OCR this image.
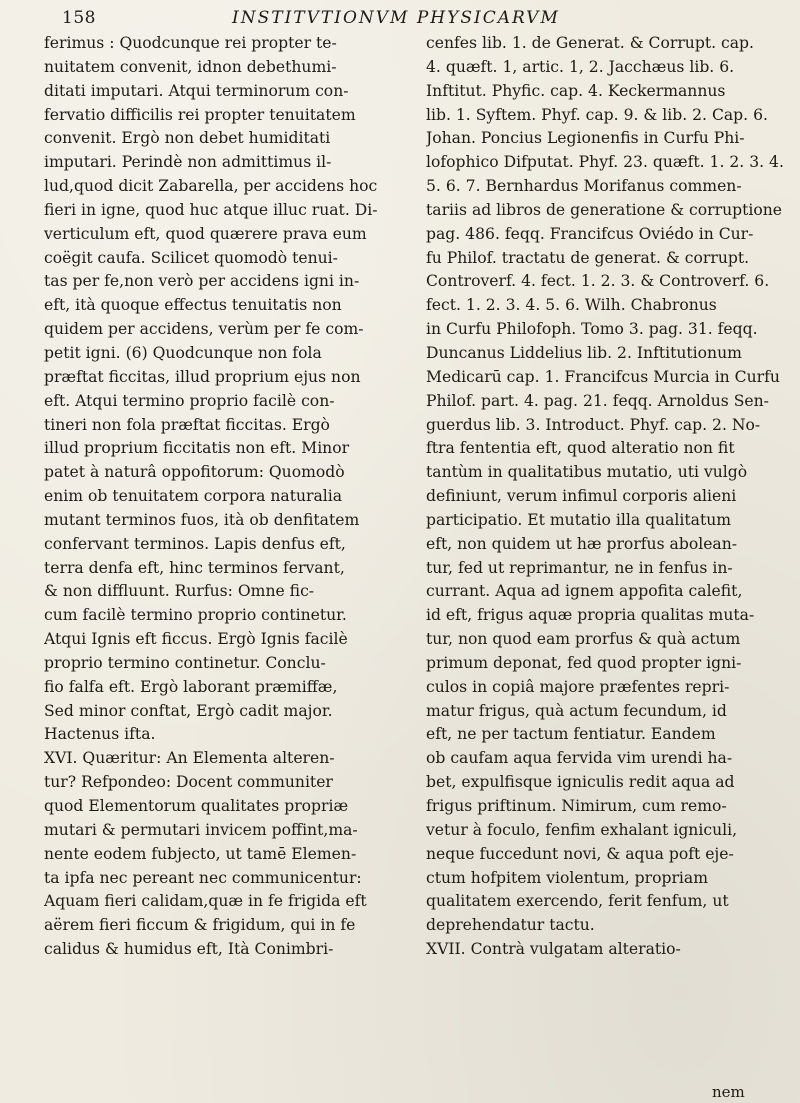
158	INSTITVTIONVM PHYSICARVM
ferimus : Quodcunque rei propter te-
nuitatem convenit, idnon debethumi-
ditati imputari. Atqui terminorum con-
fervatio difficilis rei propter tenuitatem
convenit. Ergò non debet humiditati
imputari. Perindè non admittimus il-
lud,quod dicit Zabarella, per accidens hoc
fieri in igne, quod huc atque illuc ruat. Di-
verticulum eft, quod quærere prava eum
coëgit caufa. Scilicet quomodò tenui-
tas per fe,non verò per accidens igni in-
eft, ità quoque effectus tenuitatis non
quidem per accidens, verùm per fe com-
petit igni. (6) Quodcunque non fola
præftat ficcitas, illud proprium ejus non
eft. Atqui termino proprio facilè con-
tineri non fola præftat ficcitas. Ergò
illud proprium ficcitatis non eft. Minor
patet à naturâ oppofitorum: Quomodò
enim ob tenuitatem corpora naturalia
mutant terminos fuos, ità ob denfitatem
confervant terminos. Lapis denfus eft,
terra denfa eft, hinc terminos fervant,
& non diffluunt. Rurfus: Omne fic-
cum facilè termino proprio continetur.
Atqui Ignis eft ficcus. Ergò Ignis facilè
proprio termino continetur. Conclu-
fio falfa eft. Ergò laborant præmiffæ,
Sed minor conftat, Ergò cadit major.
Hactenus ifta.
XVI. Quæritur: An Elementa alteren-
tur? Refpondeo: Docent communiter
quod Elementorum qualitates propriæ
mutari & permutari invicem poffint,ma-
nente eodem fubjecto, ut tamē Elemen-
ta ipfa nec pereant nec communicentur:
Aquam fieri calidam,quæ in fe frigida eft
aërem fieri ficcum & frigidum, qui in fe
calidus & humidus eft, Ità Conimbri-
cenfes lib. 1. de Generat. & Corrupt. cap.
4. quæft. 1, artic. 1, 2. Jacchæus lib. 6.
Inftitut. Phyfic. cap. 4. Keckermannus
lib. 1. Syftem. Phyf. cap. 9. & lib. 2. Cap. 6.
Johan. Poncius Legionenfis in Curfu Phi-
lofophico Difputat. Phyf. 23. quæft. 1. 2. 3. 4.
5. 6. 7. Bernhardus Morifanus commen-
tariis ad libros de generatione & corruptione
pag. 486. feqq. Francifcus Oviédo in Cur-
fu Philof. tractatu de generat. & corrupt.
Controverf. 4. fect. 1. 2. 3. & Controverf. 6.
fect. 1. 2. 3. 4. 5. 6. Wilh. Chabronus
in Curfu Philofoph. Tomo 3. pag. 31. feqq.
Duncanus Liddelius lib. 2. Inftitutionum
Medicarū cap. 1. Francifcus Murcia in Curfu
Philof. part. 4. pag. 21. feqq. Arnoldus Sen-
guerdus lib. 3. Introduct. Phyf. cap. 2. No-
ftra fententia eft, quod alteratio non fit
tantùm in qualitatibus mutatio, uti vulgò
definiunt, verum infimul corporis alieni
participatio. Et mutatio illa qualitatum
eft, non quidem ut hæ prorfus abolean-
tur, fed ut reprimantur, ne in fenfus in-
currant. Aqua ad ignem appofita calefit,
id eft, frigus aquæ propria qualitas muta-
tur, non quod eam prorfus & quà actum
primum deponat, fed quod propter igni-
culos in copiâ majore præfentes repri-
matur frigus, quà actum fecundum, id
eft, ne per tactum fentiatur. Eandem
ob caufam aqua fervida vim urendi ha-
bet, expulfisque igniculis redit aqua ad
frigus priftinum. Nimirum, cum remo-
vetur à foculo, fenfim exhalant igniculi,
neque fuccedunt novi, & aqua poft eje-
ctum hofpitem violentum, propriam
qualitatem exercendo, ferit fenfum, ut
deprehendatur tactu.
XVII. Contrà vulgatam alteratio-
nem
